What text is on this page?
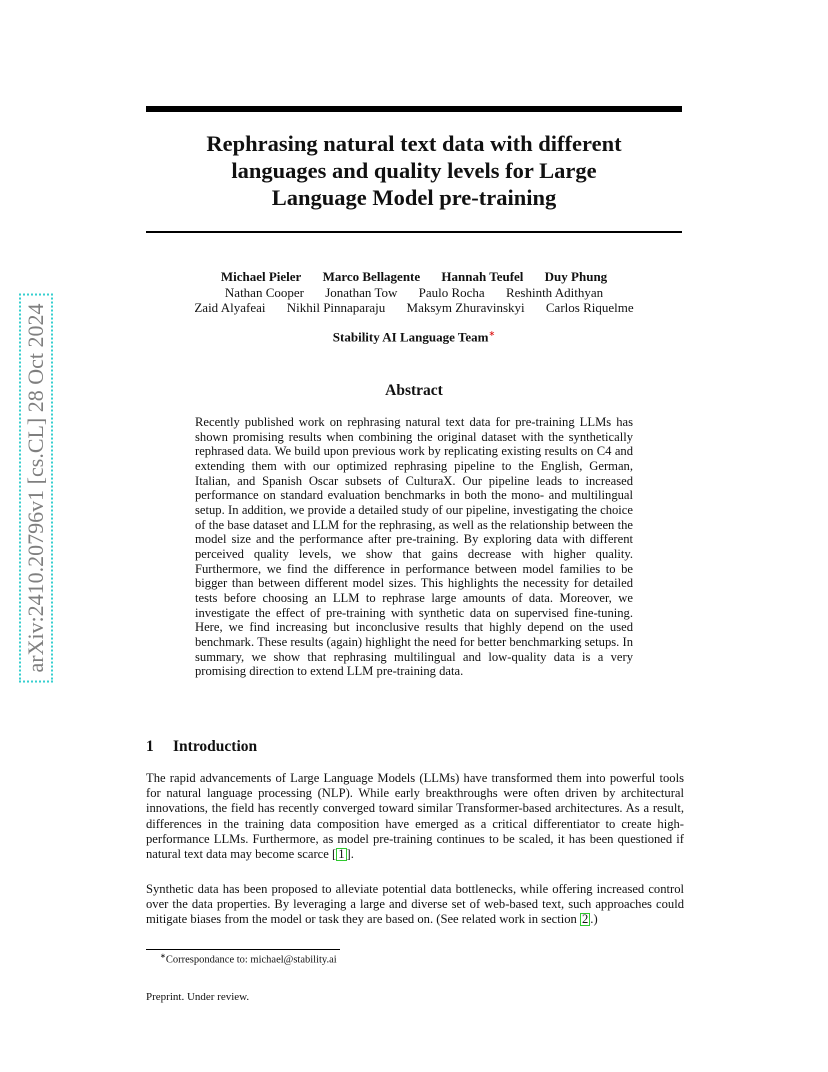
Rephrasing natural text data with different
languages and quality levels for Large
Language Model pre-training
Michael Pieler Marco Bellagente Hannah Teufel Duy Phung
Nathan Cooper Jonathan Tow Paulo Rocha Reshinth Adithyan
Zaid Alyafeai Nikhil Pinnaparaju Maksym Zhuravinskyi Carlos Riquelme
Stability AI Language Team∗
Abstract

Recently published work on rephrasing natural text data for pre-training LLMs has shown promising results when combining the original dataset with the synthetically rephrased data. We build upon previous work by replicating existing results on C4 and extending them with our optimized rephrasing pipeline to the English, German, Italian, and Spanish Oscar subsets of CulturaX. Our pipeline leads to increased performance on standard evaluation benchmarks in both the mono- and multilingual setup. In addition, we provide a detailed study of our pipeline, investigating the choice of the base dataset and LLM for the rephrasing, as well as the relationship between the model size and the performance after pre-training. By exploring data with different perceived quality levels, we show that gains decrease with higher quality. Furthermore, we find the difference in performance between model families to be bigger than between different model sizes. This highlights the necessity for detailed tests before choosing an LLM to rephrase large amounts of data. Moreover, we investigate the effect of pre-training with synthetic data on supervised fine-tuning. Here, we find increasing but inconclusive results that highly depend on the used benchmark. These results (again) highlight the need for better benchmarking setups. In summary, we show that rephrasing multilingual and low-quality data is a very promising direction to extend LLM pre-training data.

1 Introduction

The rapid advancements of Large Language Models (LLMs) have transformed them into powerful tools for natural language processing (NLP). While early breakthroughs were often driven by architectural innovations, the field has recently converged toward similar Transformer-based architectures. As a result, differences in the training data composition have emerged as a critical differentiator to create high-performance LLMs. Furthermore, as model pre-training continues to be scaled, it has been questioned if natural text data may become scarce [ 1 ].

Synthetic data has been proposed to alleviate potential data bottlenecks, while offering increased control over the data properties. By leveraging a large and diverse set of web-based text, such approaches could mitigate biases from the model or task they are based on. (See related work in section 2 .)

∗Correspondance to: michael@stability.ai

Preprint. Under review.

arXiv:2410.20796v1 [cs.CL] 28 Oct 2024
